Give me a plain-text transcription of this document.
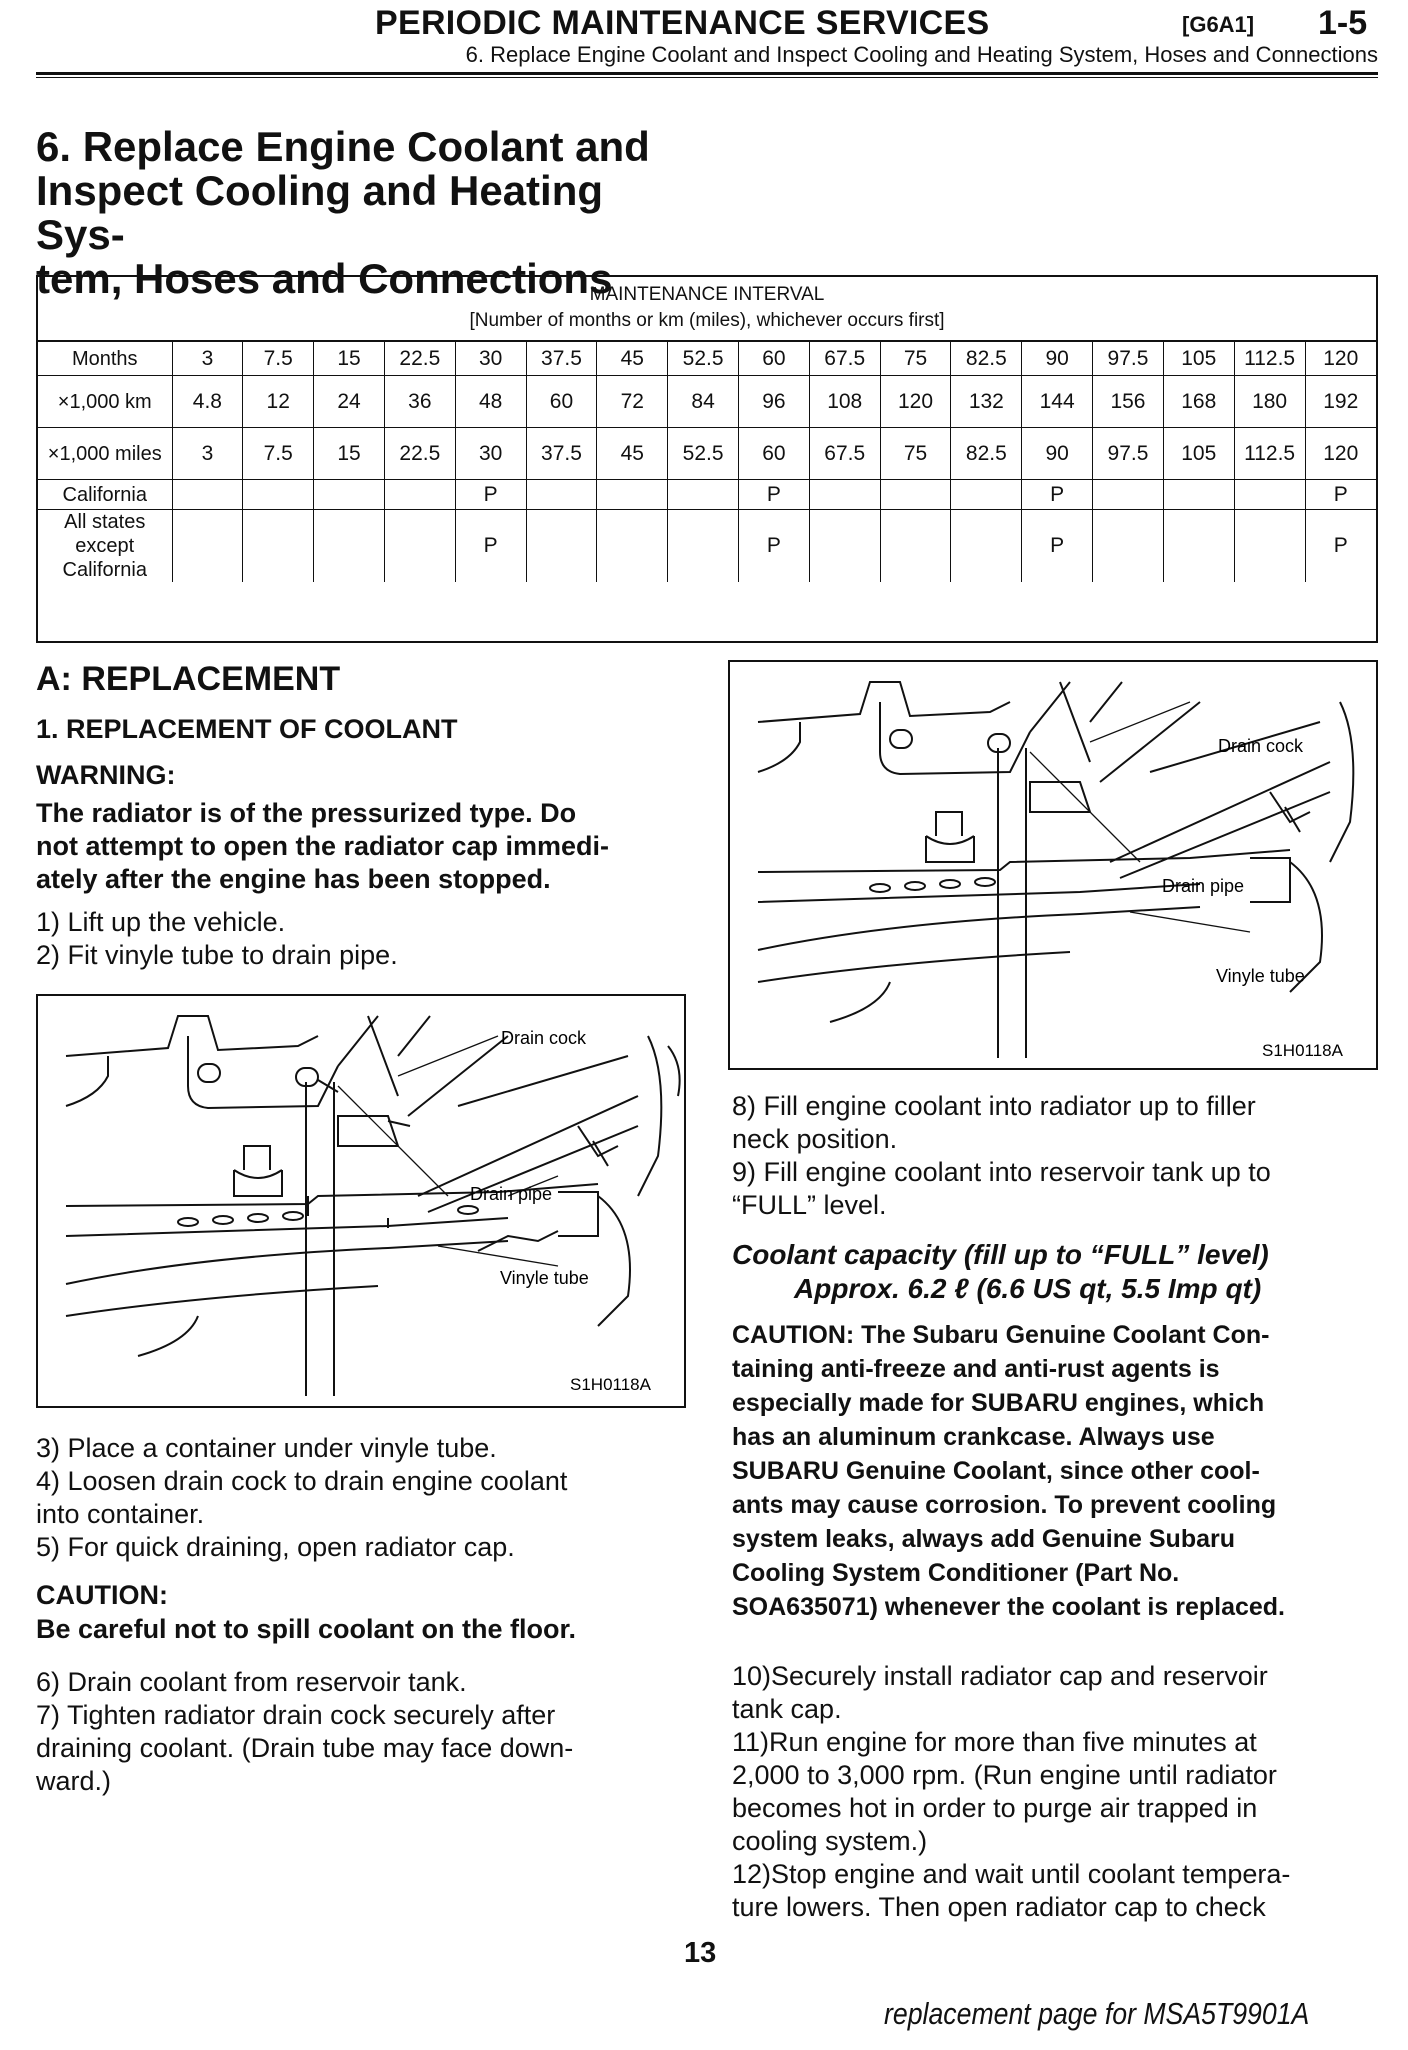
PERIODIC MAINTENANCE SERVICES	[G6A1] 1-5
6. Replace Engine Coolant and Inspect Cooling and Heating System, Hoses and Connections
6. Replace Engine Coolant and
Inspect Cooling and Heating Sys-
tem, Hoses and Connections
MAINTENANCE INTERVAL
[Number of months or km (miles), whichever occurs first]
Months	3	7.5	15	22.5	30	37.5	45	52.5	60	67.5	75	82.5	90	97.5	105	112.5	120
×1,000 km	4.8	12	24	36	48	60	72	84	96	108	120	132	144	156	168	180	192
×1,000 miles	3	7.5	15	22.5	30	37.5	45	52.5	60	67.5	75	82.5	90	97.5	105	112.5	120
California					P				P				P				P
All states except California					P				P				P				P
A: REPLACEMENT
1. REPLACEMENT OF COOLANT
WARNING:
The radiator is of the pressurized type. Do
not attempt to open the radiator cap immedi-
ately after the engine has been stopped.
1) Lift up the vehicle.
2) Fit vinyle tube to drain pipe.
Drain cock
Drain pipe
Vinyle tube
S1H0118A
3) Place a container under vinyle tube.
4) Loosen drain cock to drain engine coolant
into container.
5) For quick draining, open radiator cap.
CAUTION:
Be careful not to spill coolant on the floor.
6) Drain coolant from reservoir tank.
7) Tighten radiator drain cock securely after
draining coolant. (Drain tube may face down-
ward.)
Drain cock
Drain pipe
Vinyle tube
S1H0118A
8) Fill engine coolant into radiator up to filler
neck position.
9) Fill engine coolant into reservoir tank up to
“FULL” level.
Coolant capacity (fill up to “FULL” level)
Approx. 6.2 ℓ (6.6 US qt, 5.5 Imp qt)
CAUTION: The Subaru Genuine Coolant Con-
taining anti-freeze and anti-rust agents is
especially made for SUBARU engines, which
has an aluminum crankcase. Always use
SUBARU Genuine Coolant, since other cool-
ants may cause corrosion. To prevent cooling
system leaks, always add Genuine Subaru
Cooling System Conditioner (Part No.
SOA635071) whenever the coolant is replaced.
10)Securely install radiator cap and reservoir
tank cap.
11)Run engine for more than five minutes at
2,000 to 3,000 rpm. (Run engine until radiator
becomes hot in order to purge air trapped in
cooling system.)
12)Stop engine and wait until coolant tempera-
ture lowers. Then open radiator cap to check
13
replacement page for MSA5T9901A
